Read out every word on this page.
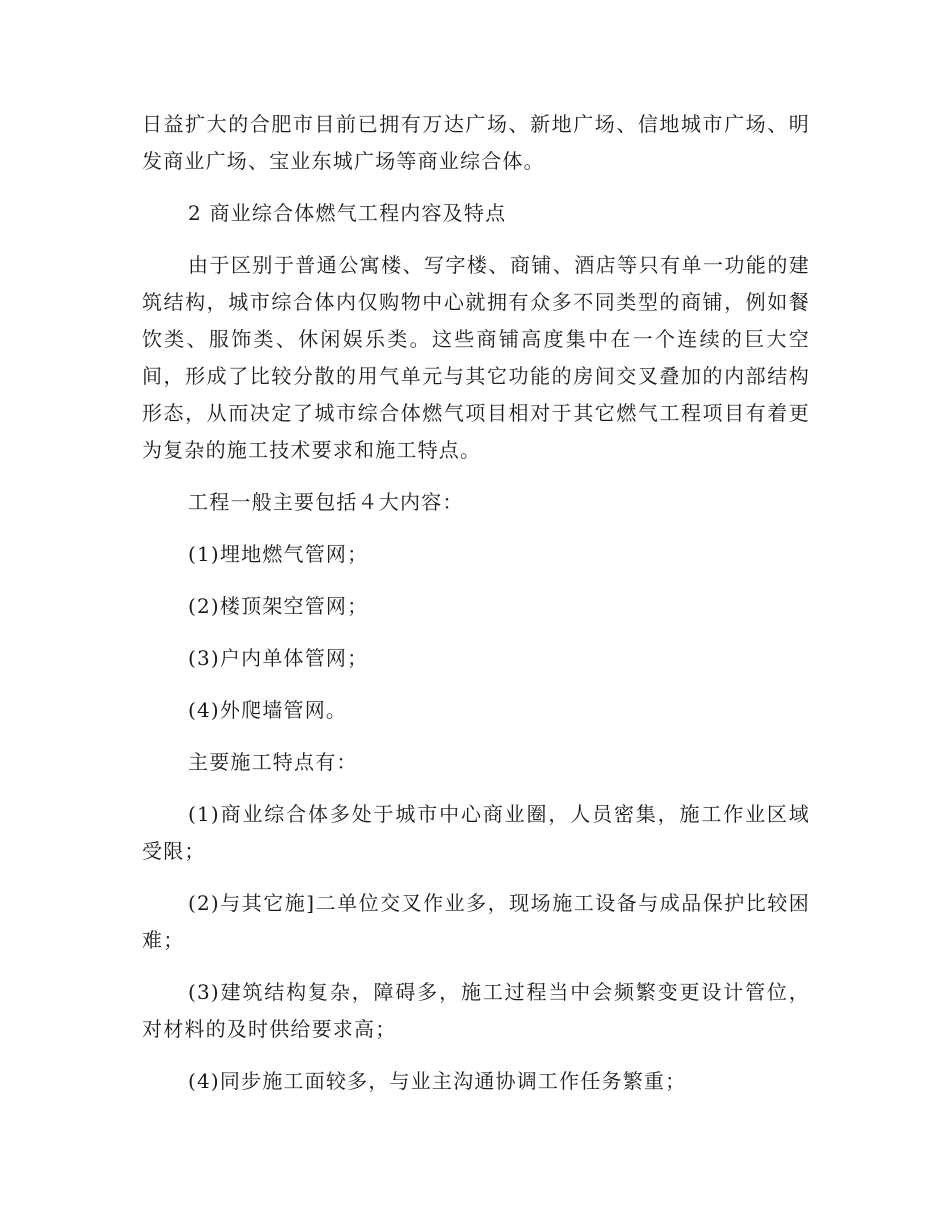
日益扩大的合肥市目前已拥有万达广场、新地广场、信地城市广场、明发商业广场、宝业东城广场等商业综合体。

2 商业综合体燃气工程内容及特点

由于区别于普通公寓楼、写字楼、商铺、酒店等只有单一功能的建筑结构，城市综合体内仅购物中心就拥有众多不同类型的商铺，例如餐饮类、服饰类、休闲娱乐类。这些商铺高度集中在一个连续的巨大空间，形成了比较分散的用气单元与其它功能的房间交叉叠加的内部结构形态，从而决定了城市综合体燃气项目相对于其它燃气工程项目有着更为复杂的施工技术要求和施工特点。

工程一般主要包括４大内容：

(1)埋地燃气管网；

(2)楼顶架空管网；

(3)户内单体管网；

(4)外爬墙管网。

主要施工特点有：

(1)商业综合体多处于城市中心商业圈，人员密集，施工作业区域受限；

(2)与其它施]二单位交叉作业多，现场施工设备与成品保护比较困难；

(3)建筑结构复杂，障碍多，施工过程当中会频繁变更设计管位，对材料的及时供给要求高；

(4)同步施工面较多，与业主沟通协调工作任务繁重；
